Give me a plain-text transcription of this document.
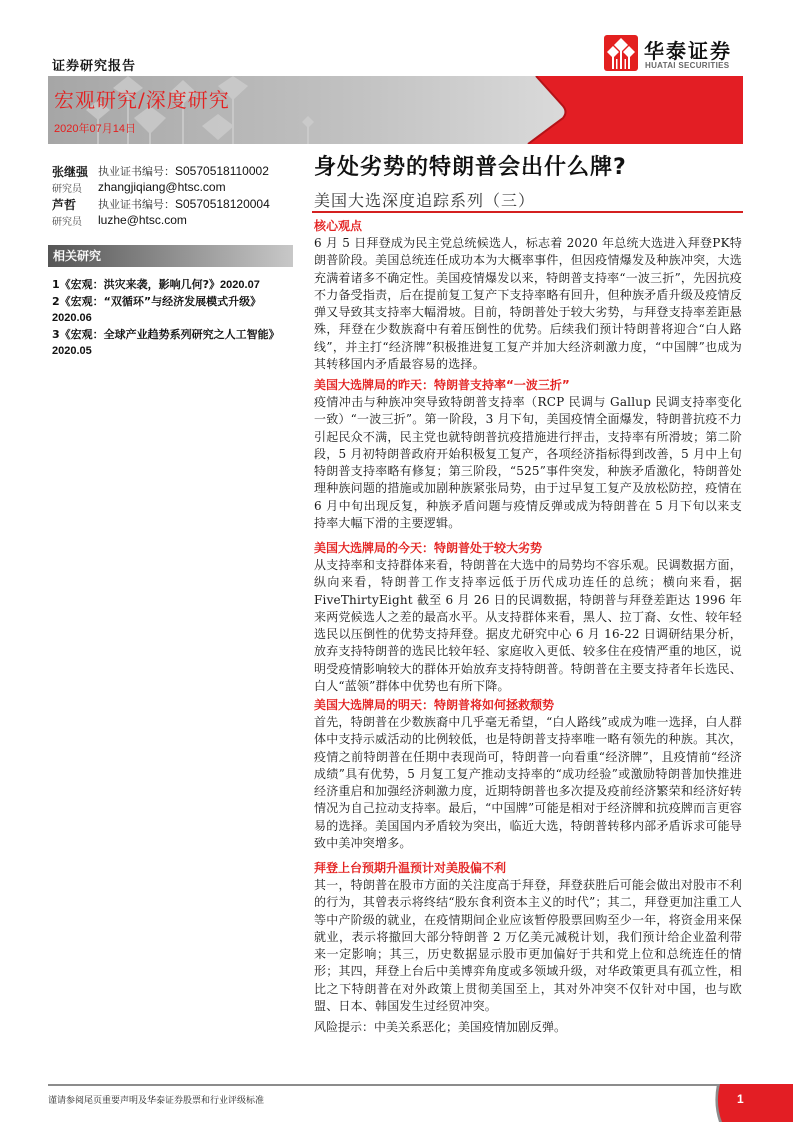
证券研究报告
华泰证券
HUATAI SECURITIES
宏观研究/深度研究
2020年07月14日
张继强 执业证书编号： S0570518110002
研究员	zhangjiqiang@htsc.com
芦哲	执业证书编号： S0570518120004
研究员	luzhe@htsc.com
相关研究
1《宏观：洪灾来袭，影响几何?》2020.07
2《宏观：“双循环”与经济发展模式升级》
2020.06
3《宏观：全球产业趋势系列研究之人工智能》2020.05
身处劣势的特朗普会出什么牌?
美国大选深度追踪系列（三）
核心观点
6 月 5 日拜登成为民主党总统候选人，标志着 2020 年总统大选进入拜登PK特朗普阶段。美国总统连任成功本为大概率事件，但因疫情爆发及种族冲突，大选充满着诸多不确定性。美国疫情爆发以来，特朗普支持率“一波三折”，先因抗疫不力备受指责，后在提前复工复产下支持率略有回升，但种族矛盾升级及疫情反弹又导致其支持率大幅滑坡。目前，特朗普处于较大劣势，与拜登支持率差距悬殊，拜登在少数族裔中有着压倒性的优势。后续我们预计特朗普将迎合“白人路线”，并主打“经济牌”积极推进复工复产并加大经济刺激力度，“中国牌”也成为其转移国内矛盾最容易的选择。
美国大选牌局的昨天：特朗普支持率“一波三折”
疫情冲击与种族冲突导致特朗普支持率（RCP 民调与 Gallup 民调支持率变化一致）“一波三折”。第一阶段，3 月下旬，美国疫情全面爆发，特朗普抗疫不力引起民众不满，民主党也就特朗普抗疫措施进行抨击，支持率有所滑坡；第二阶段，5 月初特朗普政府开始积极复工复产，各项经济指标得到改善，5 月中上旬特朗普支持率略有修复；第三阶段，“525”事件突发，种族矛盾激化，特朗普处理种族问题的措施或加剧种族紧张局势，由于过早复工复产及放松防控，疫情在 6 月中旬出现反复，种族矛盾问题与疫情反弹或成为特朗普在 5 月下旬以来支持率大幅下滑的主要逻辑。
美国大选牌局的今天：特朗普处于较大劣势
从支持率和支持群体来看，特朗普在大选中的局势均不容乐观。民调数据方面，纵向来看，特朗普工作支持率远低于历代成功连任的总统；横向来看，据 FiveThirtyEight 截至 6 月 26 日的民调数据，特朗普与拜登差距达 1996 年来两党候选人之差的最高水平。从支持群体来看，黑人、拉丁裔、女性、较年轻选民以压倒性的优势支持拜登。据皮尤研究中心 6 月 16-22 日调研结果分析，放弃支持特朗普的选民比较年轻、家庭收入更低、较多住在疫情严重的地区，说明受疫情影响较大的群体开始放弃支持特朗普。特朗普在主要支持者年长选民、白人“蓝领”群体中优势也有所下降。
美国大选牌局的明天：特朗普将如何拯救颓势
首先，特朗普在少数族裔中几乎毫无希望，“白人路线”或成为唯一选择，白人群体中支持示威活动的比例较低，也是特朗普支持率唯一略有领先的种族。其次，疫情之前特朗普在任期中表现尚可，特朗普一向看重“经济牌”，且疫情前“经济成绩”具有优势，5 月复工复产推动支持率的“成功经验”或激励特朗普加快推进经济重启和加强经济刺激力度，近期特朗普也多次提及疫前经济繁荣和经济好转情况为自己拉动支持率。最后，“中国牌”可能是相对于经济牌和抗疫牌而言更容易的选择。美国国内矛盾较为突出，临近大选，特朗普转移内部矛盾诉求可能导致中美冲突增多。
拜登上台预期升温预计对美股偏不利
其一，特朗普在股市方面的关注度高于拜登，拜登获胜后可能会做出对股市不利的行为，其曾表示将终结“股东食利资本主义的时代”；其二，拜登更加注重工人等中产阶级的就业，在疫情期间企业应该暂停股票回购至少一年，将资金用来保就业，表示将撤回大部分特朗普 2 万亿美元减税计划，我们预计给企业盈利带来一定影响；其三，历史数据显示股市更加偏好于共和党上位和总统连任的情形；其四，拜登上台后中美博弈角度或多领域升级，对华政策更具有孤立性，相比之下特朗普在对外政策上贯彻美国至上，其对外冲突不仅针对中国，也与欧盟、日本、韩国发生过经贸冲突。
风险提示：中美关系恶化；美国疫情加剧反弹。
谨请参阅尾页重要声明及华泰证券股票和行业评级标准	1
